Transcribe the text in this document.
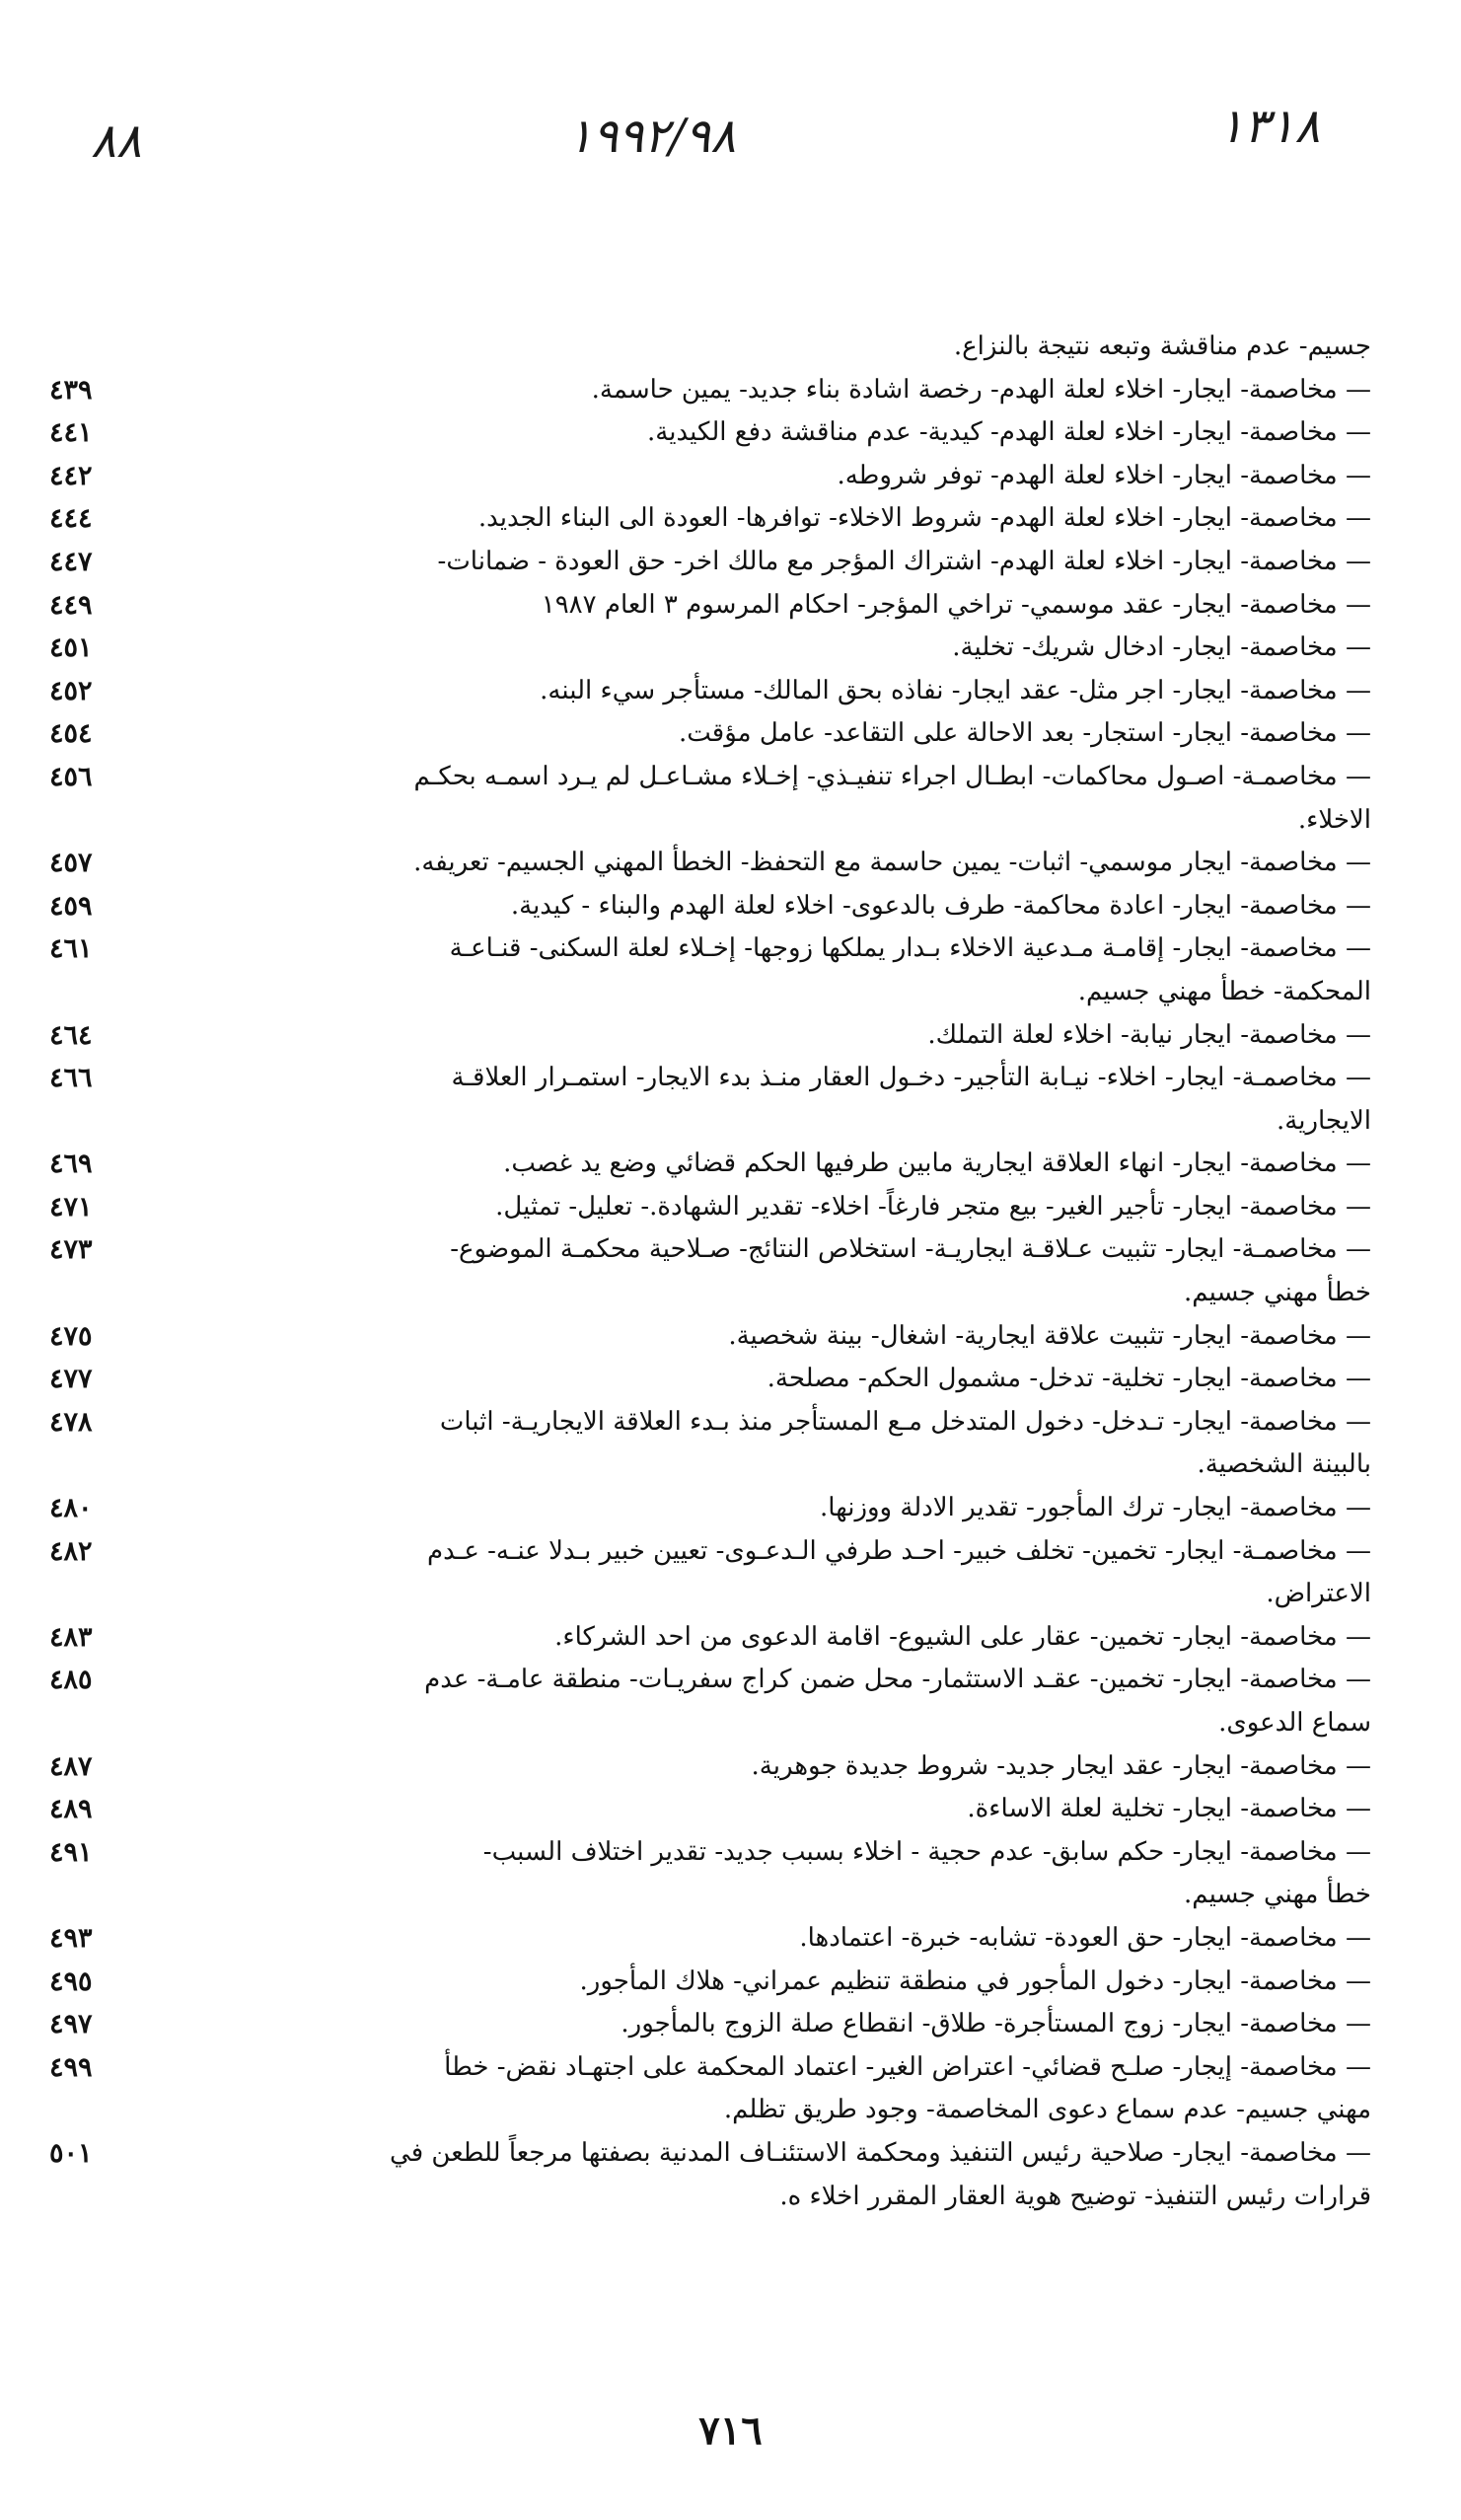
٨٨	١٩٩٢/٩٨	١٣١٨
جسيم- عدم مناقشة وتبعه نتيجة بالنزاع.
— مخاصمة- ايجار- اخلاء لعلة الهدم- رخصة اشادة بناء جديد- يمين حاسمة.
٤٣٩
— مخاصمة- ايجار- اخلاء لعلة الهدم- كيدية- عدم مناقشة دفع الكيدية.
٤٤١
— مخاصمة- ايجار- اخلاء لعلة الهدم- توفر شروطه.
٤٤٢
— مخاصمة- ايجار- اخلاء لعلة الهدم- شروط الاخلاء- توافرها- العودة الى البناء الجديد.
٤٤٤
— مخاصمة- ايجار- اخلاء لعلة الهدم- اشتراك المؤجر مع مالك اخر- حق العودة - ضمانات-
٤٤٧
— مخاصمة- ايجار- عقد موسمي- تراخي المؤجر- احكام المرسوم ٣ العام ١٩٨٧
٤٤٩
— مخاصمة- ايجار- ادخال شريك- تخلية.
٤٥١
— مخاصمة- ايجار- اجر مثل- عقد ايجار- نفاذه بحق المالك- مستأجر سيء البنه.
٤٥٢
— مخاصمة- ايجار- استجار- بعد الاحالة على التقاعد- عامل مؤقت.
٤٥٤
— مخاصمـة- اصـول محاكمات- ابطـال اجراء تنفيـذي- إخـلاء مشـاعـل لم يـرد اسمـه بحكـم
٤٥٦
الاخلاء.
— مخاصمة- ايجار موسمي- اثبات- يمين حاسمة مع التحفظ- الخطأ المهني الجسيم- تعريفه.
٤٥٧
— مخاصمة- ايجار- اعادة محاكمة- طرف بالدعوى- اخلاء لعلة الهدم والبناء - كيدية.
٤٥٩
— مخاصمة- ايجار- إقامـة مـدعية الاخلاء بـدار يملكها زوجها- إخـلاء لعلة السكنى- قنـاعـة
٤٦١
المحكمة- خطأ مهني جسيم.
— مخاصمة- ايجار نيابة- اخلاء لعلة التملك.
٤٦٤
— مخاصمـة- ايجار- اخلاء- نيـابة التأجير- دخـول العقار منـذ بدء الايجار- استمـرار العلاقـة
٤٦٦
الايجارية.
— مخاصمة- ايجار- انهاء العلاقة ايجارية مابين طرفيها الحكم قضائي وضع يد غصب.
٤٦٩
— مخاصمة- ايجار- تأجير الغير- بيع متجر فارغاً- اخلاء- تقدير الشهادة.- تعليل- تمثيل.
٤٧١
— مخاصمـة- ايجار- تثبيت عـلاقـة ايجاريـة- استخلاص النتائج- صـلاحية محكمـة الموضوع-
٤٧٣
خطأ مهني جسيم.
— مخاصمة- ايجار- تثبيت علاقة ايجارية- اشغال- بينة شخصية.
٤٧٥
— مخاصمة- ايجار- تخلية- تدخل- مشمول الحكم- مصلحة.
٤٧٧
— مخاصمة- ايجار- تـدخل- دخول المتدخل مـع المستأجر منذ بـدء العلاقة الايجاريـة- اثبات
٤٧٨
بالبينة الشخصية.
— مخاصمة- ايجار- ترك المأجور- تقدير الادلة ووزنها.
٤٨٠
— مخاصمـة- ايجار- تخمين- تخلف خبير- احـد طرفي الـدعـوى- تعيين خبير بـدلا عنـه- عـدم
٤٨٢
الاعتراض.
— مخاصمة- ايجار- تخمين- عقار على الشيوع- اقامة الدعوى من احد الشركاء.
٤٨٣
— مخاصمة- ايجار- تخمين- عقـد الاستثمار- محل ضمن كراج سفريـات- منطقة عامـة- عدم
٤٨٥
سماع الدعوى.
— مخاصمة- ايجار- عقد ايجار جديد- شروط جديدة جوهرية.
٤٨٧
— مخاصمة- ايجار- تخلية لعلة الاساءة.
٤٨٩
— مخاصمة- ايجار- حكم سابق- عدم حجية - اخلاء بسبب جديد- تقدير اختلاف السبب-
٤٩١
خطأ مهني جسيم.
— مخاصمة- ايجار- حق العودة- تشابه- خبرة- اعتمادها.
٤٩٣
— مخاصمة- ايجار- دخول المأجور في منطقة تنظيم عمراني- هلاك المأجور.
٤٩٥
— مخاصمة- ايجار- زوج المستأجرة- طلاق- انقطاع صلة الزوج بالمأجور.
٤٩٧
— مخاصمة- إيجار- صلـح قضائي- اعتراض الغير- اعتماد المحكمة على اجتهـاد نقض- خطأ
٤٩٩
مهني جسيم- عدم سماع دعوى المخاصمة- وجود طريق تظلم.
— مخاصمة- ايجار- صلاحية رئيس التنفيذ ومحكمة الاستئنـاف المدنية بصفتها مرجعاً للطعن في
٥٠١
قرارات رئيس التنفيذ- توضيح هوية العقار المقرر اخلاء ه.
٧١٦
